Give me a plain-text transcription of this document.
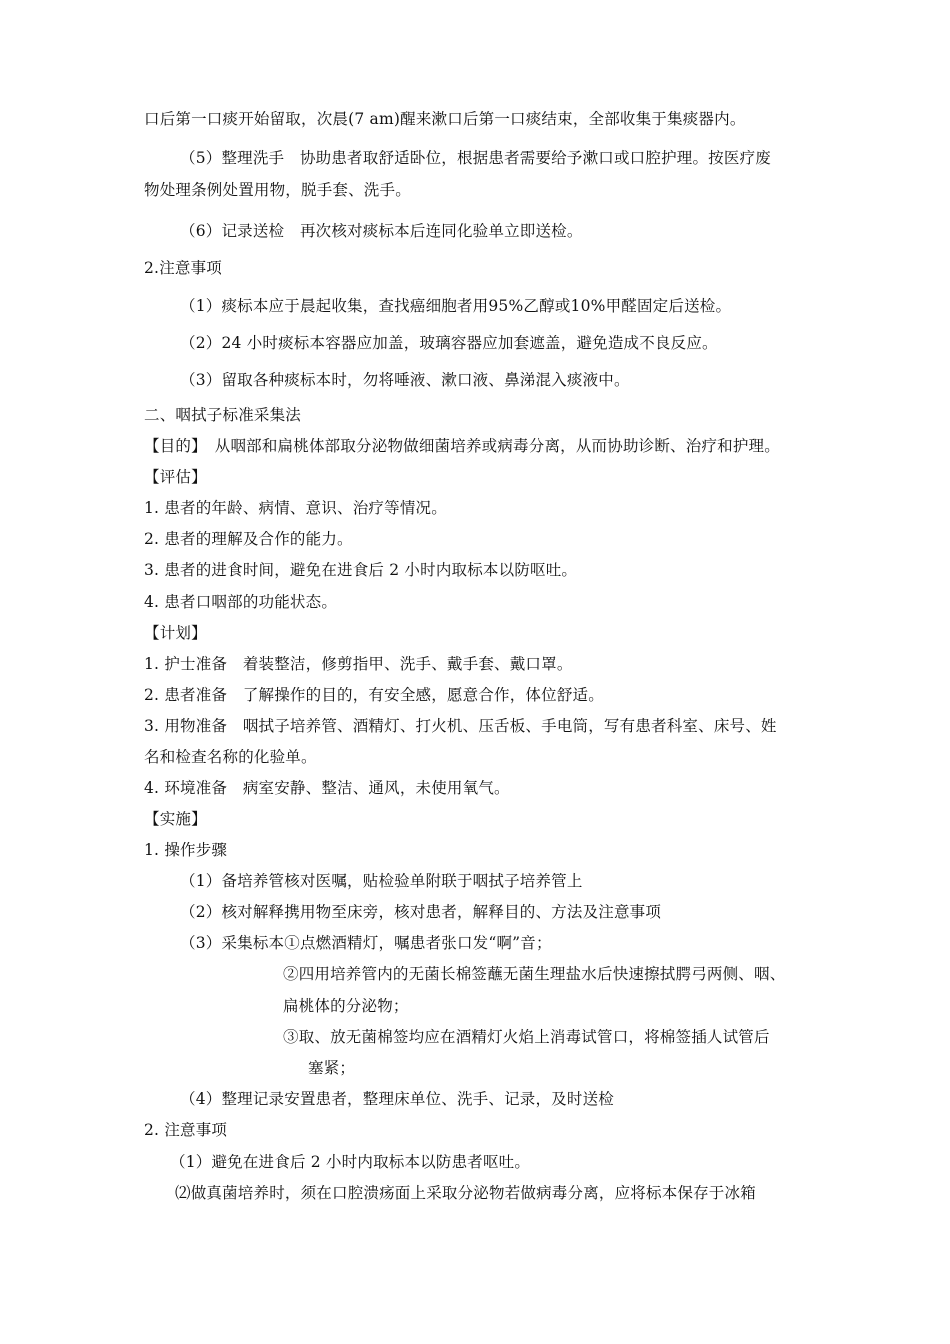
口后第一口痰开始留取，次晨(7 am)醒来漱口后第一口痰结束，全部收集于集痰器内。
（5）整理洗手　协助患者取舒适卧位，根据患者需要给予漱口或口腔护理。按医疗废
物处理条例处置用物，脱手套、洗手。
（6）记录送检　再次核对痰标本后连同化验单立即送检。
2.注意事项
（1）痰标本应于晨起收集，查找癌细胞者用95%乙醇或10%甲醛固定后送检。
（2）24 小时痰标本容器应加盖，玻璃容器应加套遮盖，避免造成不良反应。
（3）留取各种痰标本时，勿将唾液、漱口液、鼻涕混入痰液中。
二、咽拭子标准采集法
【目的】　从咽部和扁桃体部取分泌物做细菌培养或病毒分离，从而协助诊断、治疗和护理。
【评估】
1. 患者的年龄、病情、意识、治疗等情况。
2. 患者的理解及合作的能力。
3. 患者的进食时间，避免在进食后 2 小时内取标本以防呕吐。
4. 患者口咽部的功能状态。
【计划】
1. 护士准备　着装整洁，修剪指甲、洗手、戴手套、戴口罩。
2. 患者准备　了解操作的目的，有安全感，愿意合作，体位舒适。
3. 用物准备　咽拭子培养管、酒精灯、打火机、压舌板、手电筒，写有患者科室、床号、姓
名和检查名称的化验单。
4. 环境准备　病室安静、整洁、通风，未使用氧气。
【实施】
1. 操作步骤
（1）备培养管核对医嘱，贴检验单附联于咽拭子培养管上
（2）核对解释携用物至床旁，核对患者，解释目的、方法及注意事项
（3）采集标本①点燃酒精灯，嘱患者张口发“啊”音；
②四用培养管内的无菌长棉签蘸无菌生理盐水后快速擦拭腭弓两侧、咽、
扁桃体的分泌物；
③取、放无菌棉签均应在酒精灯火焰上消毒试管口，将棉签插人试管后
塞紧；
（4）整理记录安置患者，整理床单位、洗手、记录，及时送检
2. 注意事项
（1）避免在进食后 2 小时内取标本以防患者呕吐。
⑵做真菌培养时，须在口腔溃疡面上采取分泌物若做病毒分离，应将标本保存于冰箱
